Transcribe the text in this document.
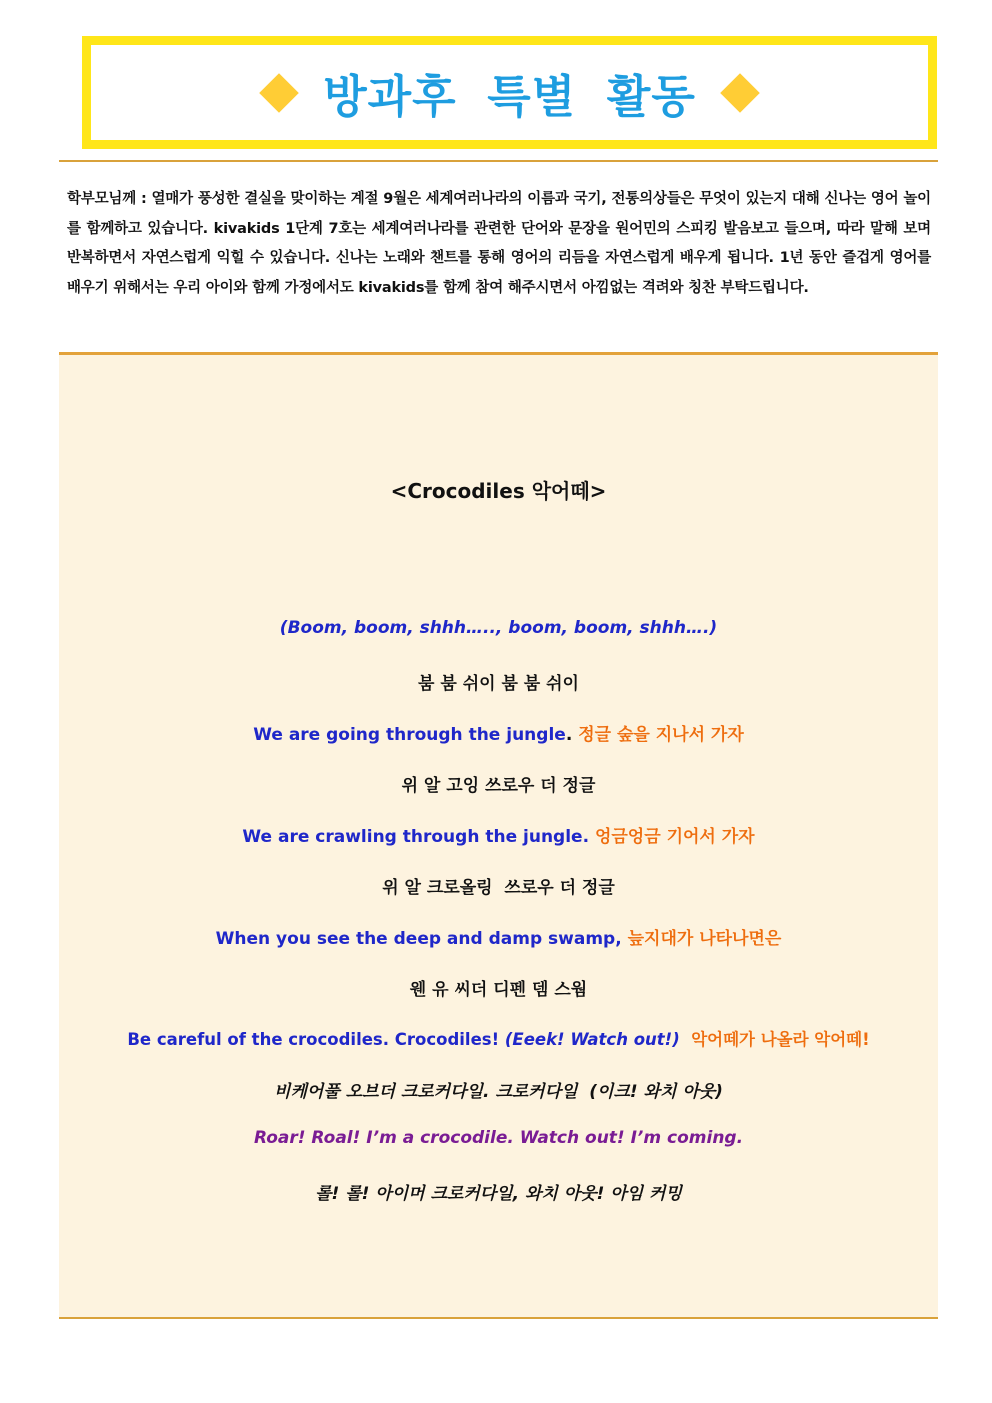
방과후 특별 활동

학부모님께 : 열매가 풍성한 결실을 맞이하는 계절 9월은 세계여러나라의 이름과 국기, 전통의상들은 무엇이 있는지 대해 신나는 영어 놀이를 함께하고 있습니다. kivakids 1단계 7호는 세계여러나라를 관련한 단어와 문장을 원어민의 스피킹 발음보고 들으며, 따라 말해 보며 반복하면서 자연스럽게 익힐 수 있습니다. 신나는 노래와 챈트를 통해 영어의 리듬을 자연스럽게 배우게 됩니다. 1년 동안 즐겁게 영어를 배우기 위해서는 우리 아이와 함께 가정에서도 kivakids를 함께 참여 해주시면서 아낌없는 격려와 칭찬 부탁드립니다.

<Crocodiles 악어떼>
(Boom, boom, shhh….., boom, boom, shhh….)
붐 붐 쉬이 붐 붐 쉬이
We are going through the jungle. 정글 숲을 지나서 가자
위 알 고잉 쓰로우 더 정글
We are crawling through the jungle. 엉금엉금 기어서 가자
위 알 크로올링  쓰로우 더 정글
When you see the deep and damp swamp, 늪지대가 나타나면은
웬 유 씨더 디펜 뎀 스웜
Be careful of the crocodiles. Crocodiles! (Eeek! Watch out!)  악어떼가 나올라 악어떼!
비케어풀 오브더 크로커다일. 크로커다일  (이크! 와치 아웃)
Roar! Roal! I’m a crocodile. Watch out! I’m coming.
롤! 롤! 아이머 크로커다일, 와치 아웃! 아임 커밍
